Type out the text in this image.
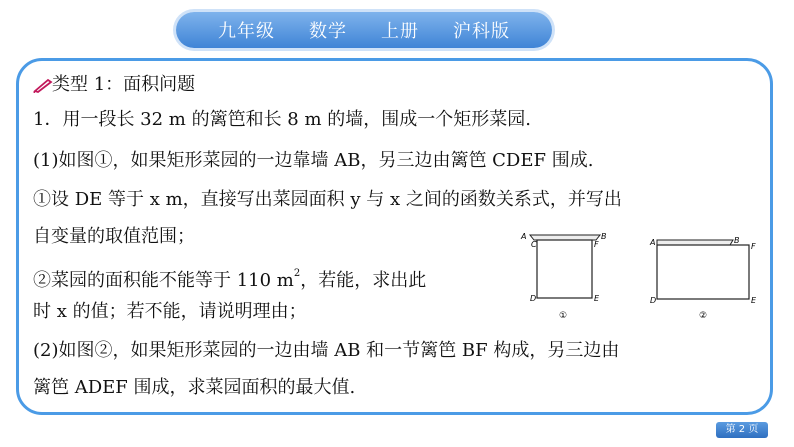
九年级 数学 上册 沪科版
类型 1：面积问题
1．用一段长 32 m 的篱笆和长 8 m 的墙，围成一个矩形菜园.
(1)如图①，如果矩形菜园的一边靠墙 AB，另三边由篱笆 CDEF 围成.
①设 DE 等于 x m，直接写出菜园面积 y 与 x 之间的函数关系式，并写出
自变量的取值范围；
②菜园的面积能不能等于 110 $m^2$，若能，求出此
时 x 的值；若不能，请说明理由；
(2)如图②，如果矩形菜园的一边由墙 AB 和一节篱笆 BF 构成，另三边由
篱笆 ADEF 围成，求菜园面积的最大值.
A	B
C	F
D	E
①
A	B
F
D	E
②
第 2 页
